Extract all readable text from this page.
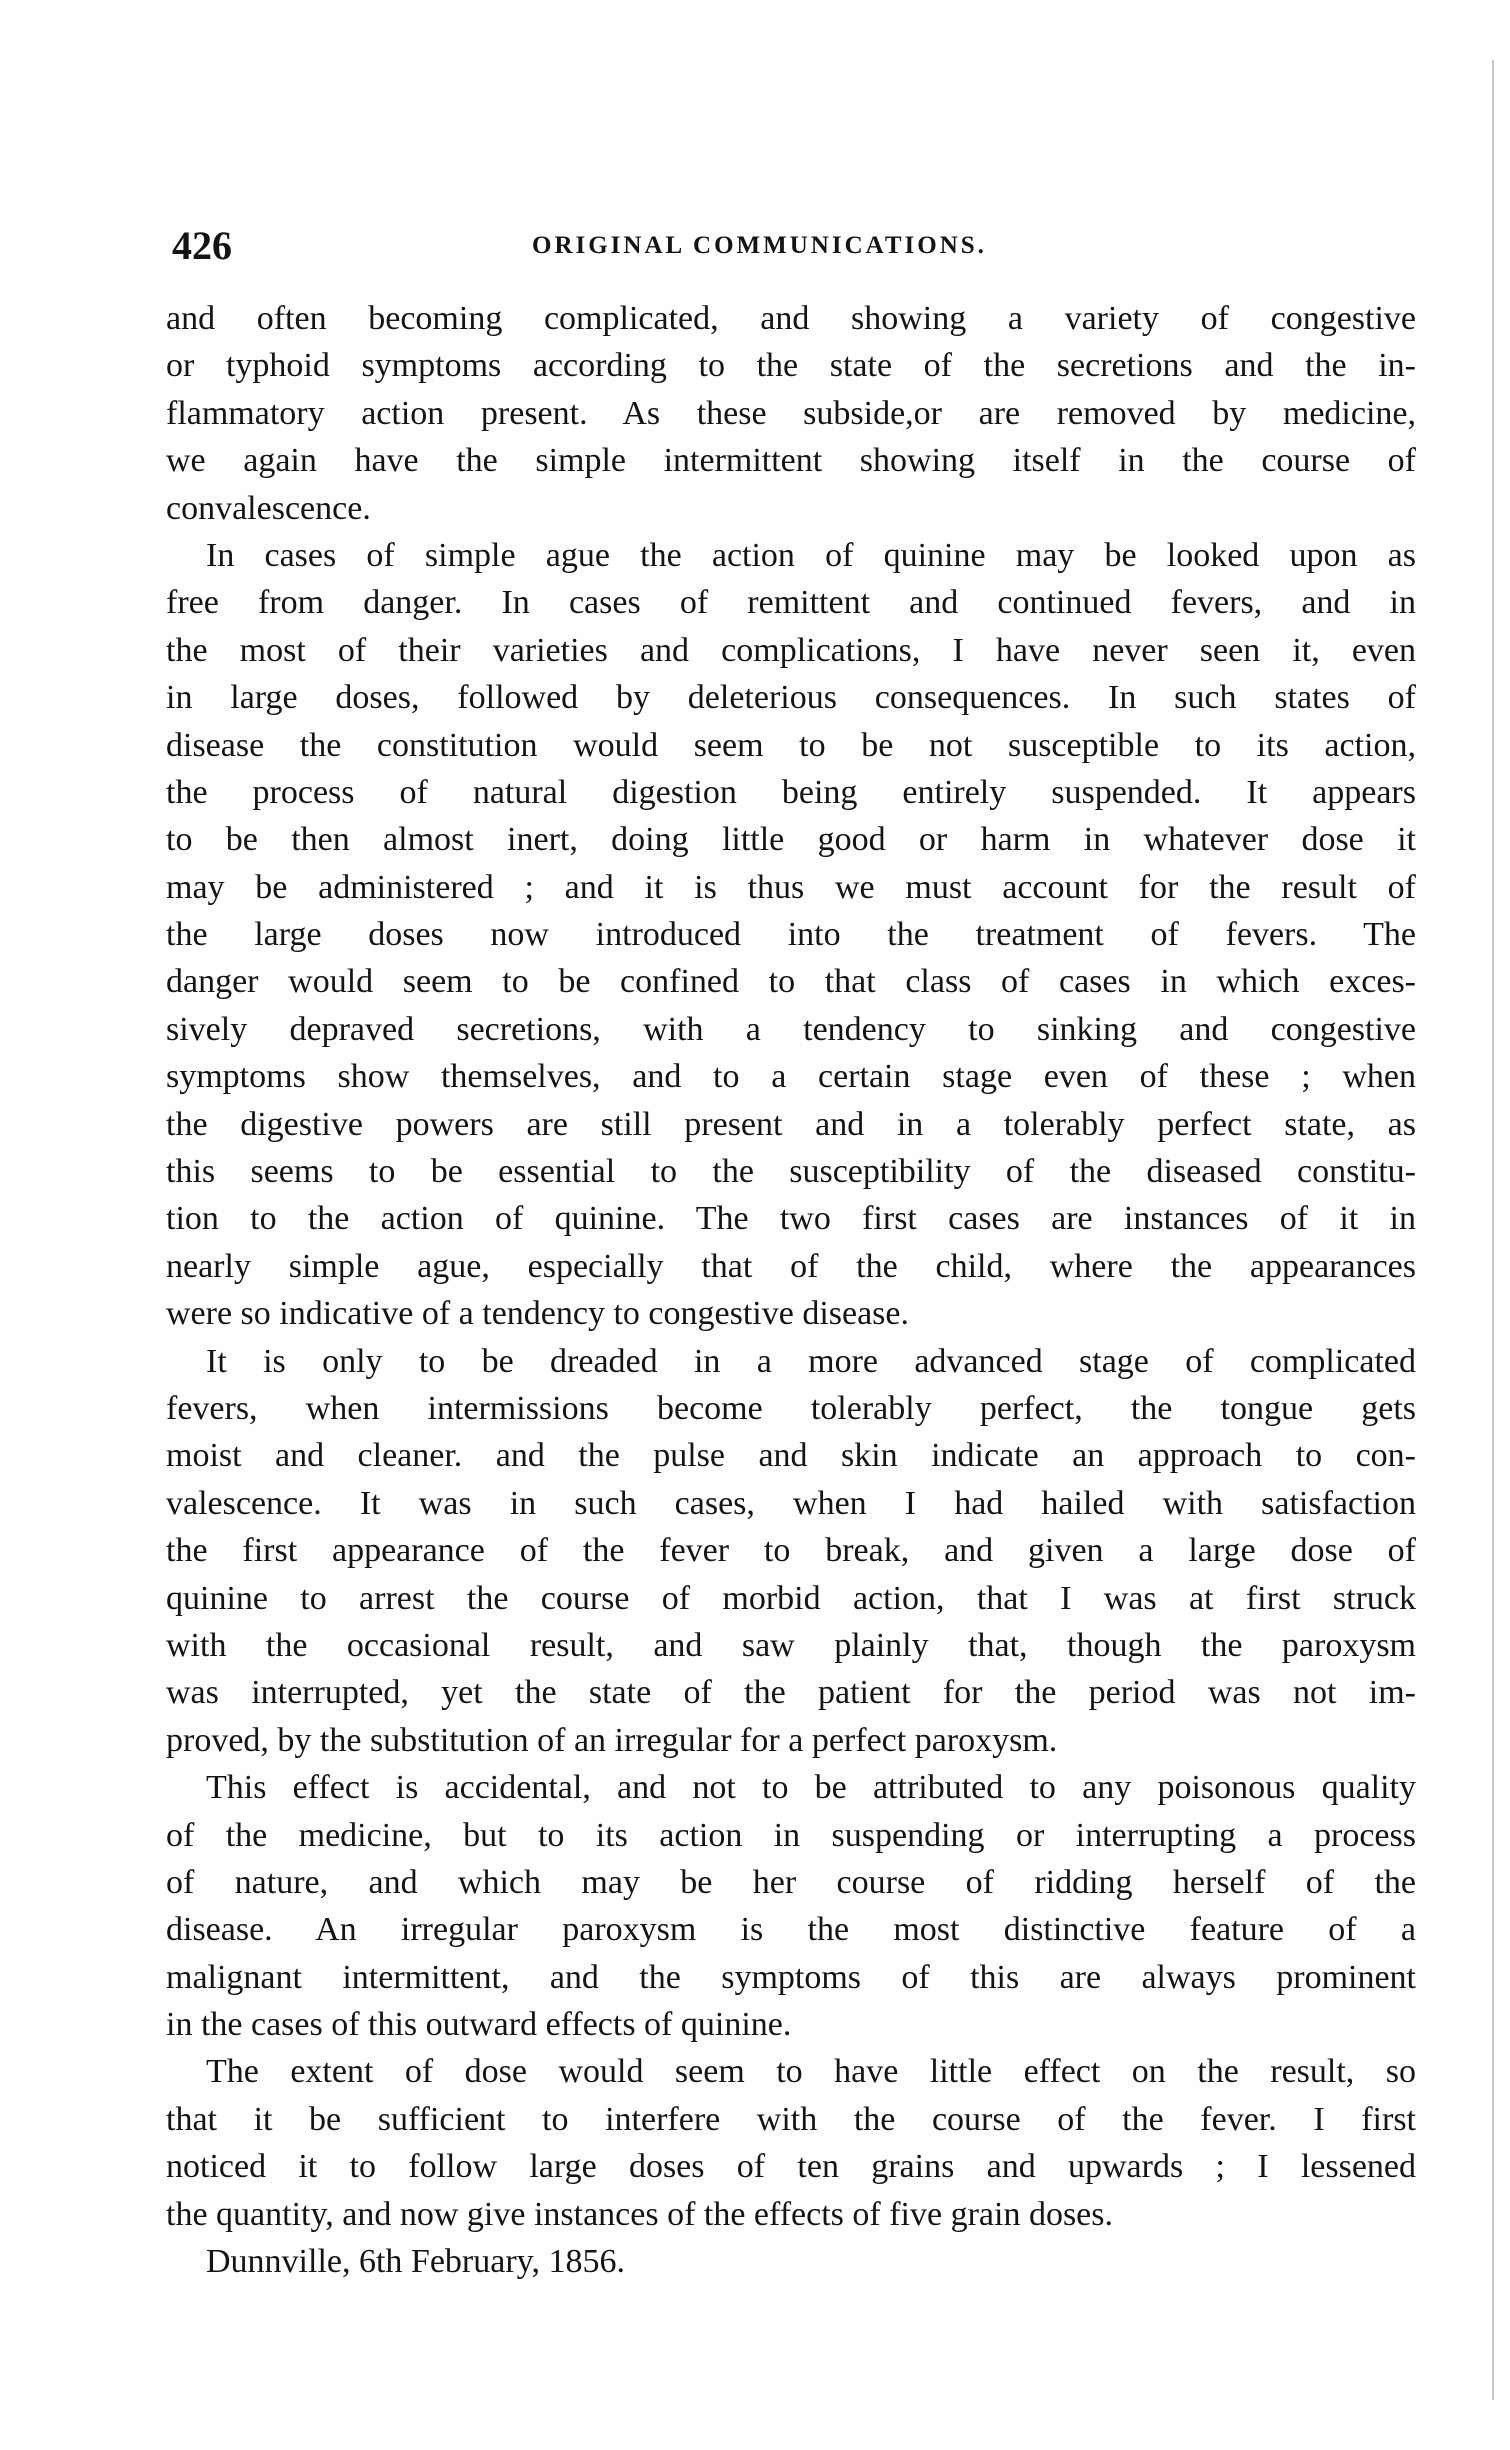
426	ORIGINAL COMMUNICATIONS.
and often becoming complicated, and showing a variety of congestive
or typhoid symptoms according to the state of the secretions and the in-
flammatory action present. As these subside,or are removed by medicine,
we again have the simple intermittent showing itself in the course of
convalescence.
In cases of simple ague the action of quinine may be looked upon as
free from danger. In cases of remittent and continued fevers, and in
the most of their varieties and complications, I have never seen it, even
in large doses, followed by deleterious consequences. In such states of
disease the constitution would seem to be not susceptible to its action,
the process of natural digestion being entirely suspended. It appears
to be then almost inert, doing little good or harm in whatever dose it
may be administered ; and it is thus we must account for the result of
the large doses now introduced into the treatment of fevers. The
danger would seem to be confined to that class of cases in which exces-
sively depraved secretions, with a tendency to sinking and congestive
symptoms show themselves, and to a certain stage even of these ; when
the digestive powers are still present and in a tolerably perfect state, as
this seems to be essential to the susceptibility of the diseased constitu-
tion to the action of quinine. The two first cases are instances of it in
nearly simple ague, especially that of the child, where the appearances
were so indicative of a tendency to congestive disease.
It is only to be dreaded in a more advanced stage of complicated
fevers, when intermissions become tolerably perfect, the tongue gets
moist and cleaner. and the pulse and skin indicate an approach to con-
valescence. It was in such cases, when I had hailed with satisfaction
the first appearance of the fever to break, and given a large dose of
quinine to arrest the course of morbid action, that I was at first struck
with the occasional result, and saw plainly that, though the paroxysm
was interrupted, yet the state of the patient for the period was not im-
proved, by the substitution of an irregular for a perfect paroxysm.
This effect is accidental, and not to be attributed to any poisonous quality
of the medicine, but to its action in suspending or interrupting a process
of nature, and which may be her course of ridding herself of the
disease. An irregular paroxysm is the most distinctive feature of a
malignant intermittent, and the symptoms of this are always prominent
in the cases of this outward effects of quinine.
The extent of dose would seem to have little effect on the result, so
that it be sufficient to interfere with the course of the fever. I first
noticed it to follow large doses of ten grains and upwards ; I lessened
the quantity, and now give instances of the effects of five grain doses.
Dunnville, 6th February, 1856.
